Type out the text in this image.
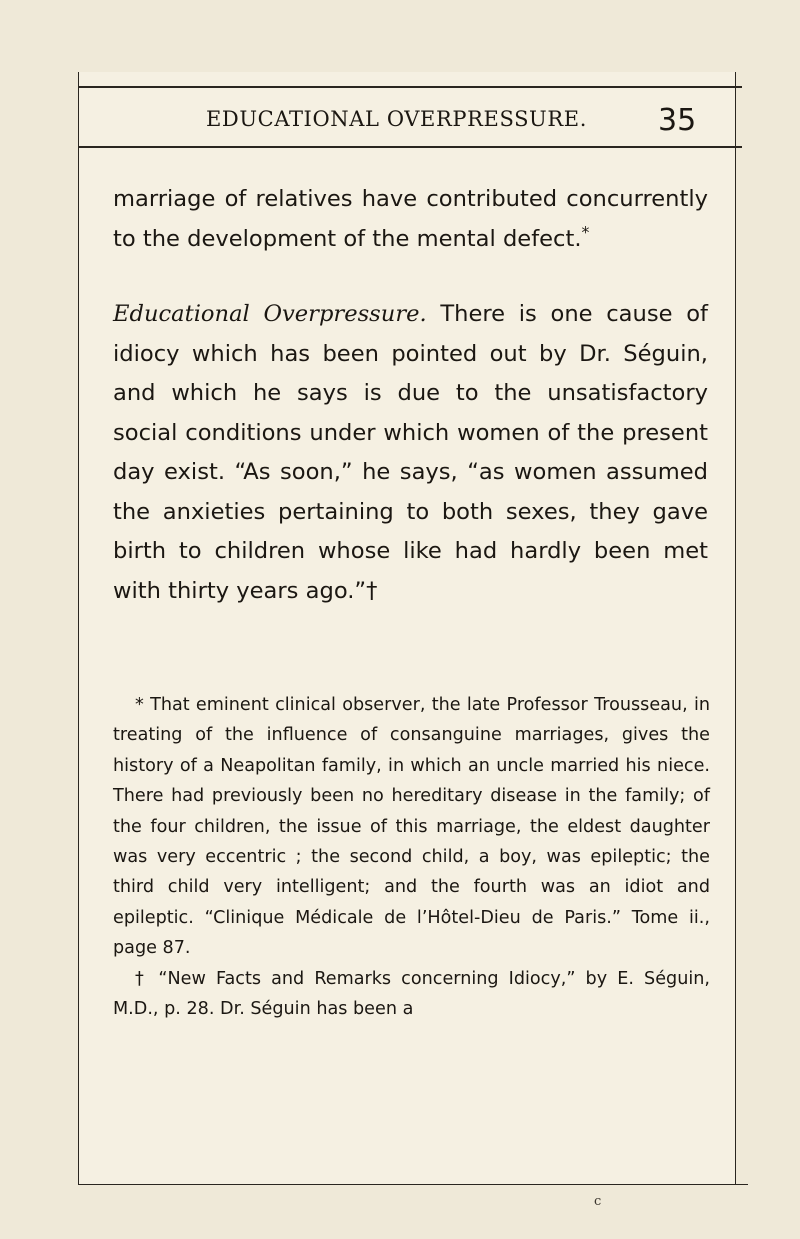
EDUCATIONAL OVERPRESSURE. 35

marriage of relatives have contributed concurrently to the development of the mental defect.*

Educational Overpressure. There is one cause of idiocy which has been pointed out by Dr. Séguin, and which he says is due to the unsatisfactory social conditions under which women of the present day exist. “As soon,” he says, “as women assumed the anxieties pertaining to both sexes, they gave birth to children whose like had hardly been met with thirty years ago.”†

* That eminent clinical observer, the late Professor Trousseau, in treating of the influence of consanguine marriages, gives the history of a Neapolitan family, in which an uncle married his niece. There had previously been no hereditary disease in the family; of the four children, the issue of this marriage, the eldest daughter was very eccentric ; the second child, a boy, was epileptic; the third child very intelligent; and the fourth was an idiot and epileptic. “Clinique Médicale de l’Hôtel-Dieu de Paris.” Tome ii., page 87.

† “New Facts and Remarks concerning Idiocy,” by E. Séguin, M.D., p. 28. Dr. Séguin has been a

c
